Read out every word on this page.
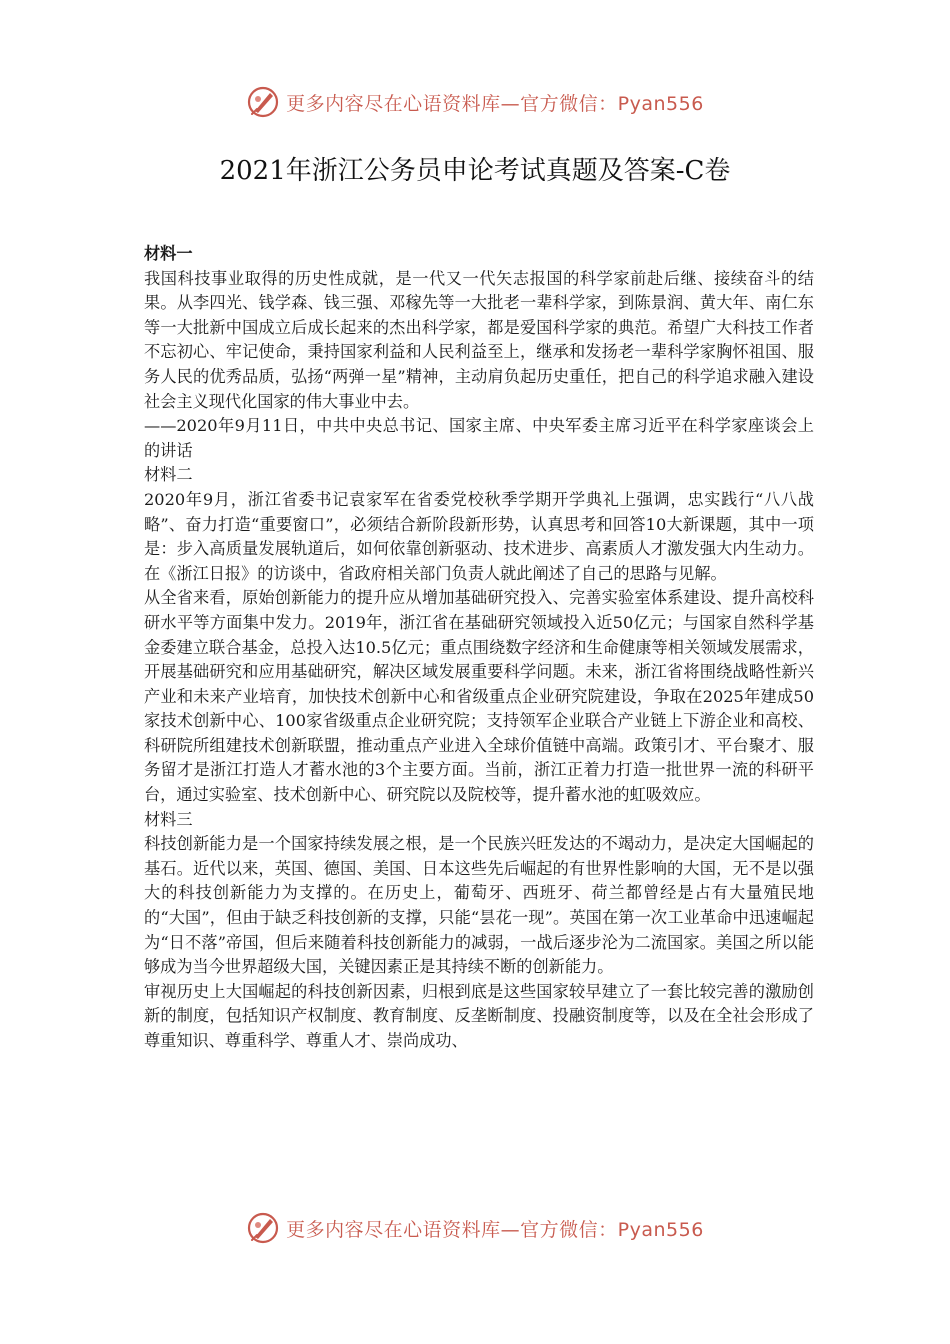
更多内容尽在心语资料库—官方微信：Pyan556
2021年浙江公务员申论考试真题及答案-C卷

材料一

我国科技事业取得的历史性成就，是一代又一代矢志报国的科学家前赴后继、接续奋斗的结果。从李四光、钱学森、钱三强、邓稼先等一大批老一辈科学家，到陈景润、黄大年、南仁东等一大批新中国成立后成长起来的杰出科学家，都是爱国科学家的典范。希望广大科技工作者不忘初心、牢记使命，秉持国家利益和人民利益至上，继承和发扬老一辈科学家胸怀祖国、服务人民的优秀品质，弘扬“两弹一星”精神，主动肩负起历史重任，把自己的科学追求融入建设社会主义现代化国家的伟大事业中去。

——2020年9月11日，中共中央总书记、国家主席、中央军委主席习近平在科学家座谈会上的讲话

材料二

2020年9月，浙江省委书记袁家军在省委党校秋季学期开学典礼上强调，忠实践行“八八战略”、奋力打造“重要窗口”，必须结合新阶段新形势，认真思考和回答10大新课题，其中一项是：步入高质量发展轨道后，如何依靠创新驱动、技术进步、高素质人才激发强大内生动力。在《浙江日报》的访谈中，省政府相关部门负责人就此阐述了自己的思路与见解。

从全省来看，原始创新能力的提升应从增加基础研究投入、完善实验室体系建设、提升高校科研水平等方面集中发力。2019年，浙江省在基础研究领域投入近50亿元；与国家自然科学基金委建立联合基金，总投入达10.5亿元；重点围绕数字经济和生命健康等相关领域发展需求，开展基础研究和应用基础研究，解决区域发展重要科学问题。未来，浙江省将围绕战略性新兴产业和未来产业培育，加快技术创新中心和省级重点企业研究院建设，争取在2025年建成50家技术创新中心、100家省级重点企业研究院；支持领军企业联合产业链上下游企业和高校、科研院所组建技术创新联盟，推动重点产业进入全球价值链中高端。政策引才、平台聚才、服务留才是浙江打造人才蓄水池的3个主要方面。当前，浙江正着力打造一批世界一流的科研平台，通过实验室、技术创新中心、研究院以及院校等，提升蓄水池的虹吸效应。

材料三

科技创新能力是一个国家持续发展之根，是一个民族兴旺发达的不竭动力，是决定大国崛起的基石。近代以来，英国、德国、美国、日本这些先后崛起的有世界性影响的大国，无不是以强大的科技创新能力为支撑的。在历史上，葡萄牙、西班牙、荷兰都曾经是占有大量殖民地的“大国”，但由于缺乏科技创新的支撑，只能“昙花一现”。英国在第一次工业革命中迅速崛起为“日不落”帝国，但后来随着科技创新能力的减弱，一战后逐步沦为二流国家。美国之所以能够成为当今世界超级大国，关键因素正是其持续不断的创新能力。

审视历史上大国崛起的科技创新因素，归根到底是这些国家较早建立了一套比较完善的激励创新的制度，包括知识产权制度、教育制度、反垄断制度、投融资制度等，以及在全社会形成了尊重知识、尊重科学、尊重人才、崇尚成功、

更多内容尽在心语资料库—官方微信：Pyan556
